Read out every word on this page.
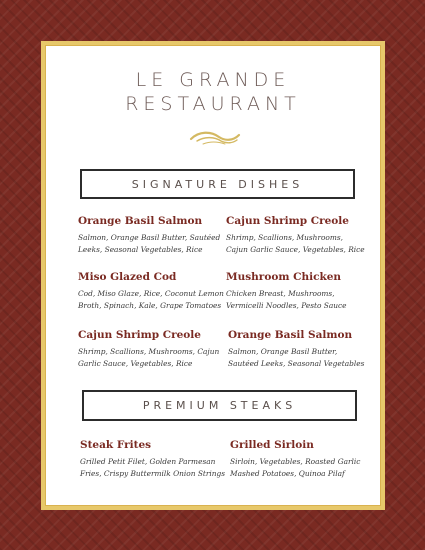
LE GRANDE
RESTAURANT
SIGNATURE DISHES
Orange Basil Salmon
Salmon, Orange Basil Butter, Sautéed
Leeks, Seasonal Vegetables, Rice
Cajun Shrimp Creole
Shrimp, Scallions, Mushrooms,
Cajun Garlic Sauce, Vegetables, Rice
Miso Glazed Cod
Cod, Miso Glaze, Rice, Coconut Lemon
Broth, Spinach, Kale, Grape Tomatoes
Mushroom Chicken
Chicken Breast, Mushrooms,
Vermicelli Noodles, Pesto Sauce
Cajun Shrimp Creole
Shrimp, Scallions, Mushrooms, Cajun
Garlic Sauce, Vegetables, Rice
Orange Basil Salmon
Salmon, Orange Basil Butter,
Sautéed Leeks, Seasonal Vegetables
PREMIUM STEAKS
Steak Frites
Grilled Petit Filet, Golden Parmesan
Fries, Crispy Buttermilk Onion Strings
Grilled Sirloin
Sirloin, Vegetables, Roasted Garlic
Mashed Potatoes, Quinoa Pilaf
